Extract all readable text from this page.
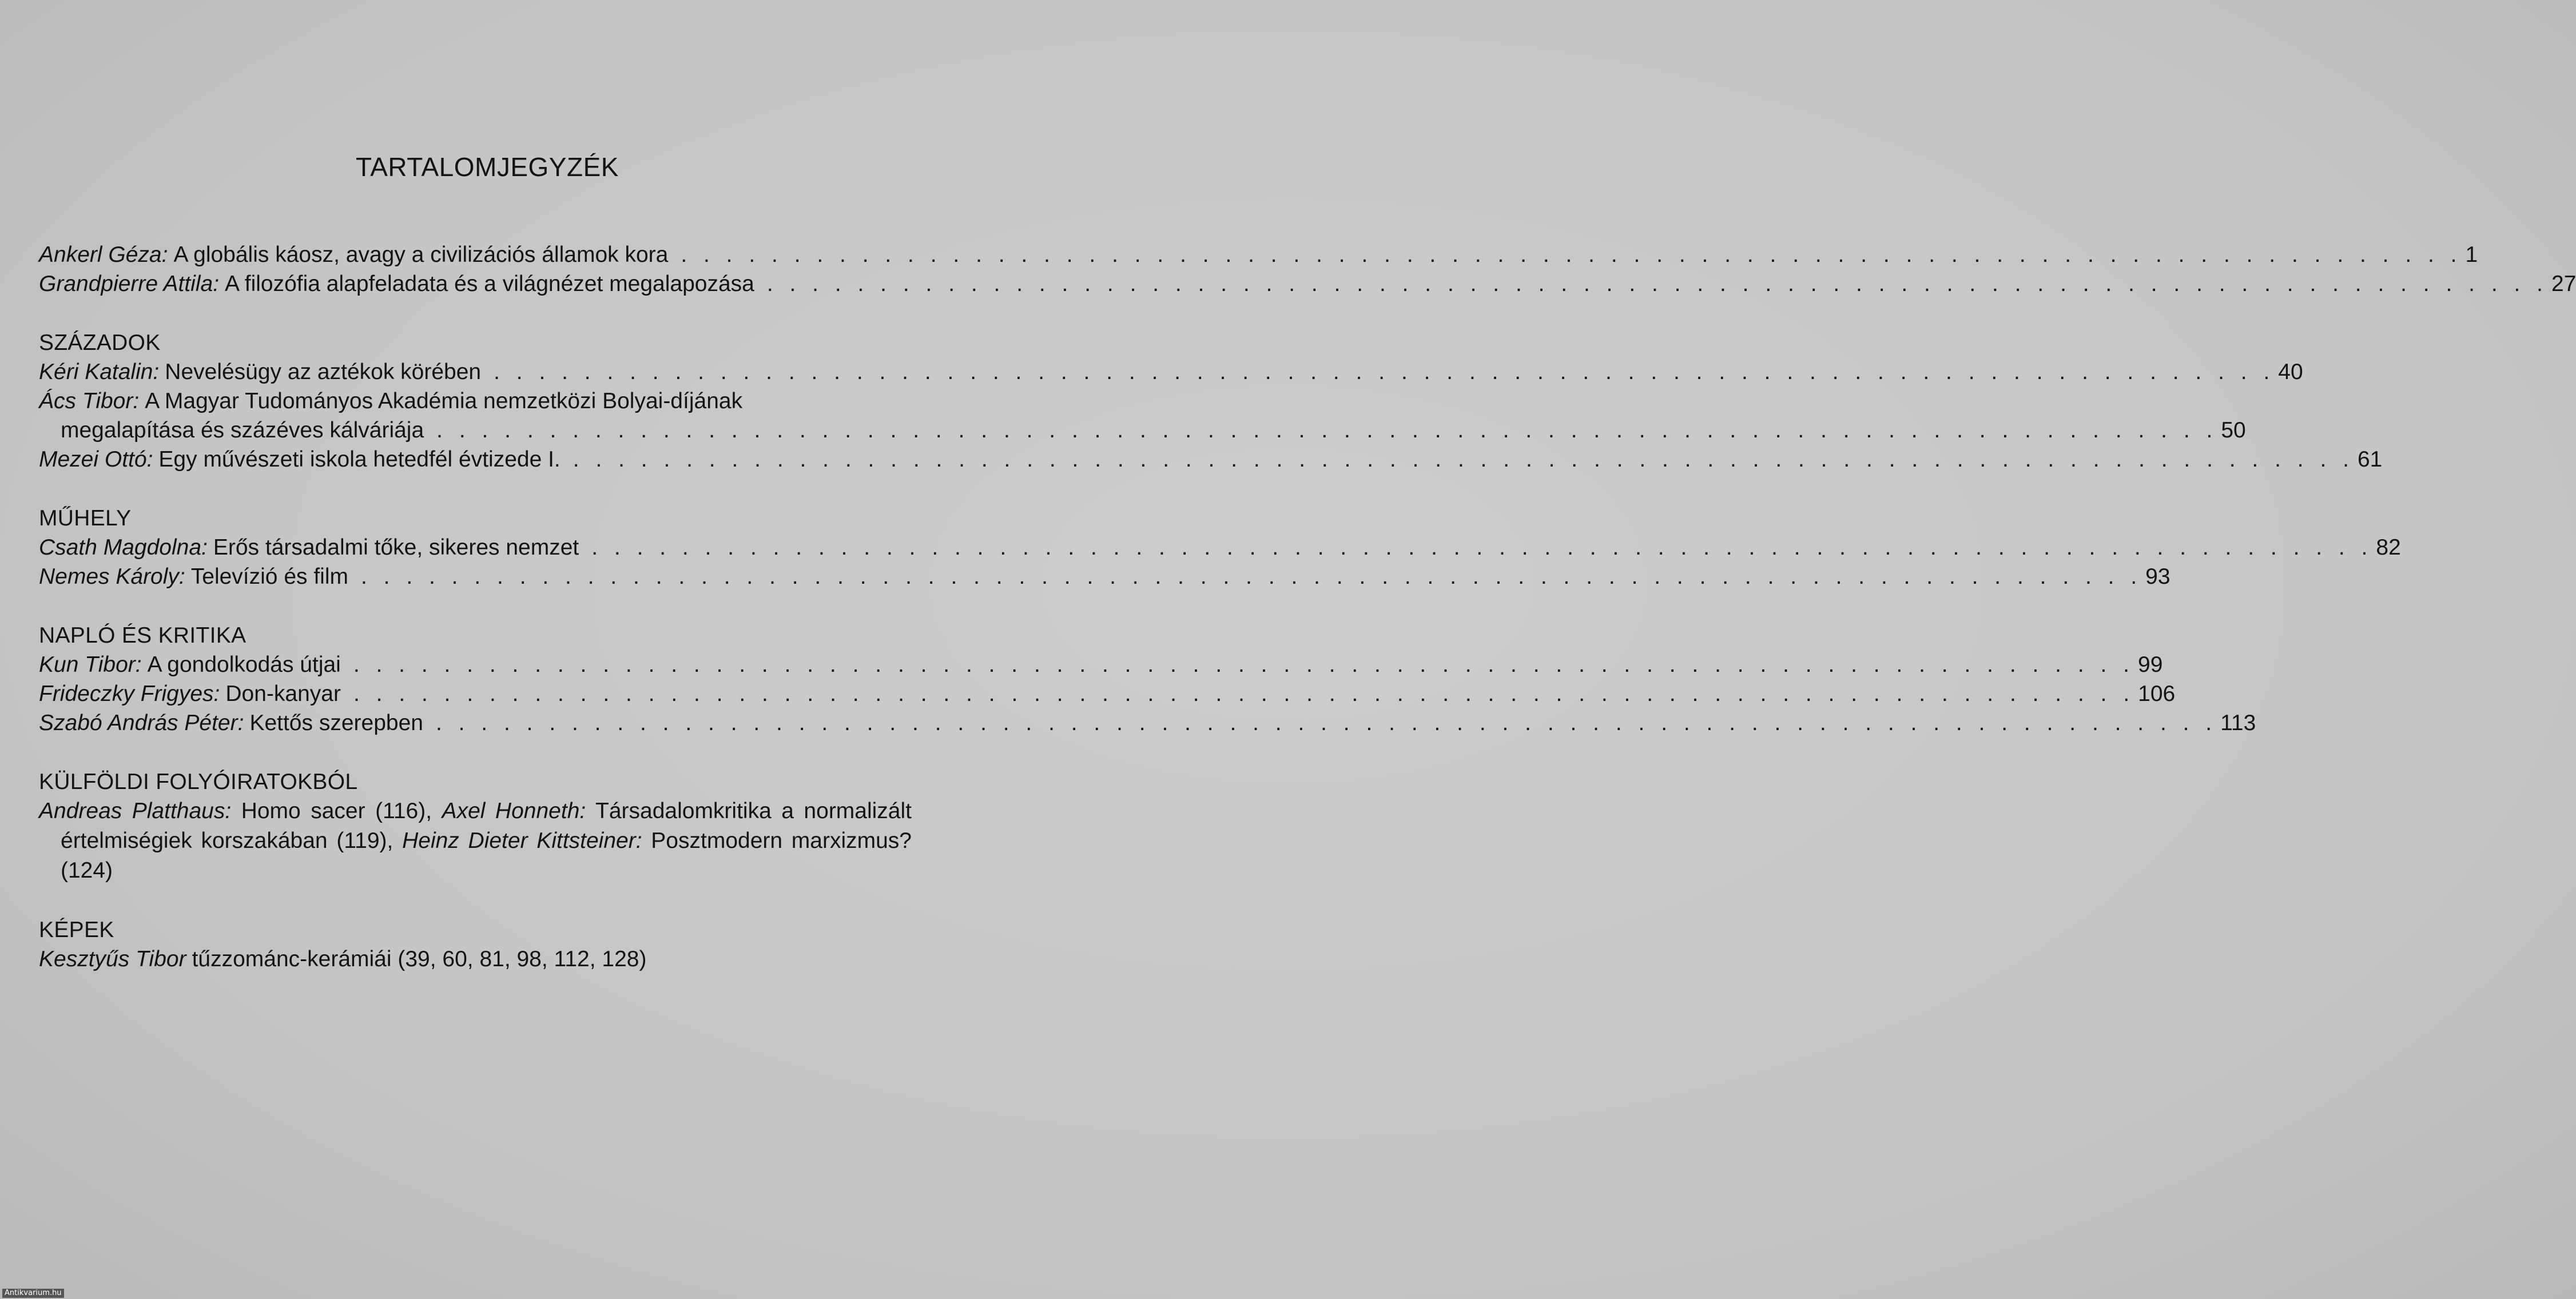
TARTALOMJEGYZÉK
Ankerl Géza: A globális káosz, avagy a civilizációs államok kora . . . . . . . . . . . . . . . . . . . . . . . . . . . . . . . . . . . . . . . . . . . . . . . . . . . . . . . . . . . . . . . . . . . . . . . . . . . . . . . 1
Grandpierre Attila: A filozófia alapfeladata és a világnézet megalapozása . . . . . . . . . . . . . . . . . . . . . . . . . . . . . . . . . . . . . . . . . . . . . . . . . . . . . . . . . . . . . . . . . . . . . . . . . . . . . . . 27
SZÁZADOK
Kéri Katalin: Nevelésügy az aztékok körében . . . . . . . . . . . . . . . . . . . . . . . . . . . . . . . . . . . . . . . . . . . . . . . . . . . . . . . . . . . . . . . . . . . . . . . . . . . . . . . 40
Ács Tibor: A Magyar Tudományos Akadémia nemzetközi Bolyai-díjának
megalapítása és százéves kálváriája . . . . . . . . . . . . . . . . . . . . . . . . . . . . . . . . . . . . . . . . . . . . . . . . . . . . . . . . . . . . . . . . . . . . . . . . . . . . . . . 50
Mezei Ottó: Egy művészeti iskola hetedfél évtizede I. . . . . . . . . . . . . . . . . . . . . . . . . . . . . . . . . . . . . . . . . . . . . . . . . . . . . . . . . . . . . . . . . . . . . . . . . . . . . . . . 61
MŰHELY
Csath Magdolna: Erős társadalmi tőke, sikeres nemzet . . . . . . . . . . . . . . . . . . . . . . . . . . . . . . . . . . . . . . . . . . . . . . . . . . . . . . . . . . . . . . . . . . . . . . . . . . . . . . . 82
Nemes Károly: Televízió és film . . . . . . . . . . . . . . . . . . . . . . . . . . . . . . . . . . . . . . . . . . . . . . . . . . . . . . . . . . . . . . . . . . . . . . . . . . . . . . . 93
NAPLÓ ÉS KRITIKA
Kun Tibor: A gondolkodás útjai . . . . . . . . . . . . . . . . . . . . . . . . . . . . . . . . . . . . . . . . . . . . . . . . . . . . . . . . . . . . . . . . . . . . . . . . . . . . . . . 99
Frideczky Frigyes: Don-kanyar . . . . . . . . . . . . . . . . . . . . . . . . . . . . . . . . . . . . . . . . . . . . . . . . . . . . . . . . . . . . . . . . . . . . . . . . . . . . . . . 106
Szabó András Péter: Kettős szerepben . . . . . . . . . . . . . . . . . . . . . . . . . . . . . . . . . . . . . . . . . . . . . . . . . . . . . . . . . . . . . . . . . . . . . . . . . . . . . . . 113
KÜLFÖLDI FOLYÓIRATOKBÓL
Andreas Platthaus: Homo sacer (116), Axel Honneth: Társadalomkritika a normalizált értelmiségiek korszakában (119), Heinz Dieter Kittsteiner: Posztmodern marxizmus? (124)
KÉPEK
Kesztyűs Tibor tűzzománc-kerámiái (39, 60, 81, 98, 112, 128)
Antikvarium.hu
